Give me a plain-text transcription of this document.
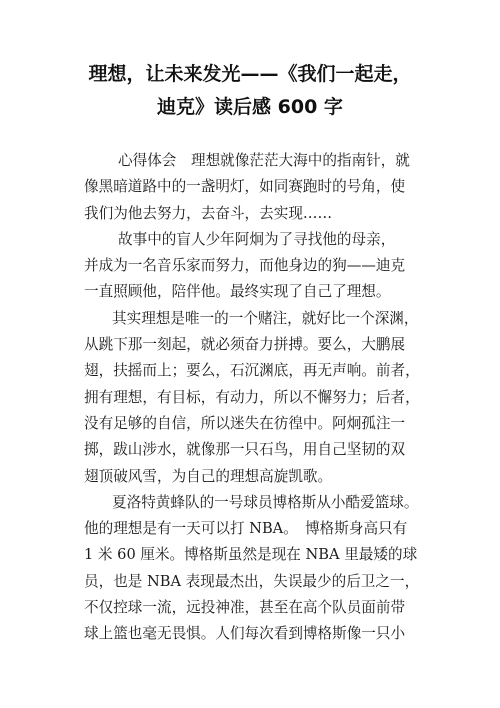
理想，让未来发光——《我们一起走，
迪克》读后感 600 字
心得体会　理想就像茫茫大海中的指南针，就
像黑暗道路中的一盏明灯，如同赛跑时的号角，使
我们为他去努力，去奋斗，去实现……
故事中的盲人少年阿炯为了寻找他的母亲，
并成为一名音乐家而努力，而他身边的狗——迪克
一直照顾他，陪伴他。最终实现了自己了理想。
其实理想是唯一的一个赌注，就好比一个深渊，
从跳下那一刻起，就必须奋力拼搏。要么，大鹏展
翅，扶摇而上；要么，石沉渊底，再无声响。前者，
拥有理想，有目标，有动力，所以不懈努力；后者，
没有足够的自信，所以迷失在彷徨中。阿炯孤注一
掷，跋山涉水，就像那一只石鸟，用自己坚韧的双
翅顶破风雪，为自己的理想高旋凯歌。
夏洛特黄蜂队的一号球员博格斯从小酷爱篮球。
他的理想是有一天可以打 NBA。　博格斯身高只有
1 米 60 厘米。博格斯虽然是现在 NBA 里最矮的球
员，也是 NBA 表现最杰出，失误最少的后卫之一，
不仅控球一流，远投神准，甚至在高个队员面前带
球上篮也毫无畏惧。人们每次看到博格斯像一只小
